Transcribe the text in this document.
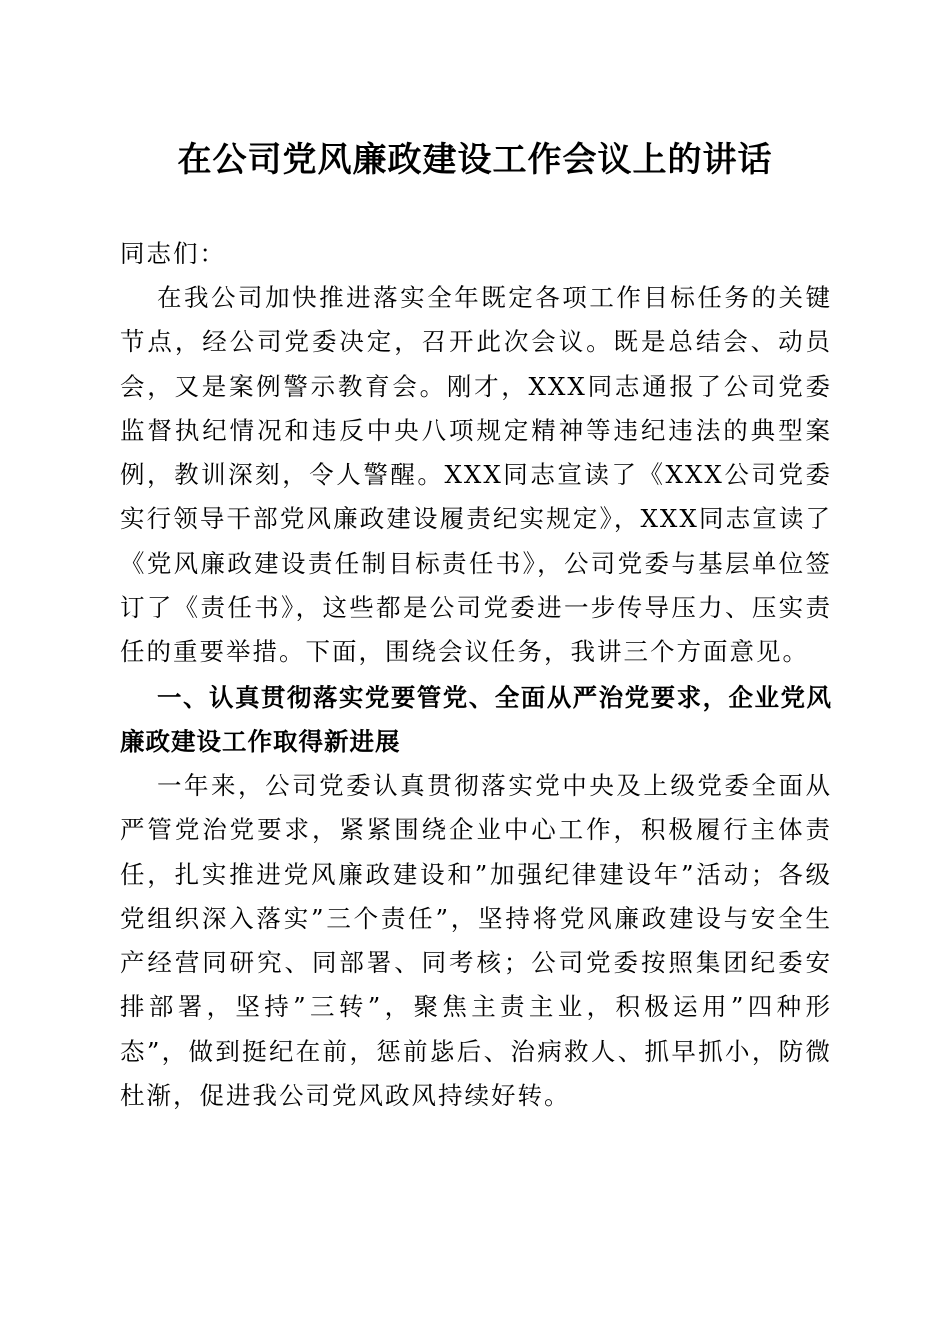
在公司党风廉政建设工作会议上的讲话
同志们：
在我公司加快推进落实全年既定各项工作目标任务的关键节点，经公司党委决定，召开此次会议。既是总结会、动员会，又是案例警示教育会。刚才，XXX同志通报了公司党委监督执纪情况和违反中央八项规定精神等违纪违法的典型案例，教训深刻，令人警醒。XXX同志宣读了《XXX公司党委实行领导干部党风廉政建设履责纪实规定》，XXX同志宣读了《党风廉政建设责任制目标责任书》，公司党委与基层单位签订了《责任书》，这些都是公司党委进一步传导压力、压实责任的重要举措。下面，围绕会议任务，我讲三个方面意见。
一、认真贯彻落实党要管党、全面从严治党要求，企业党风廉政建设工作取得新进展
一年来，公司党委认真贯彻落实党中央及上级党委全面从严管党治党要求，紧紧围绕企业中心工作，积极履行主体责任，扎实推进党风廉政建设和”加强纪律建设年”活动；各级党组织深入落实”三个责任”，坚持将党风廉政建设与安全生产经营同研究、同部署、同考核；公司党委按照集团纪委安排部署，坚持”三转”，聚焦主责主业，积极运用”四种形态”，做到挺纪在前，惩前毖后、治病救人、抓早抓小，防微杜渐，促进我公司党风政风持续好转。
